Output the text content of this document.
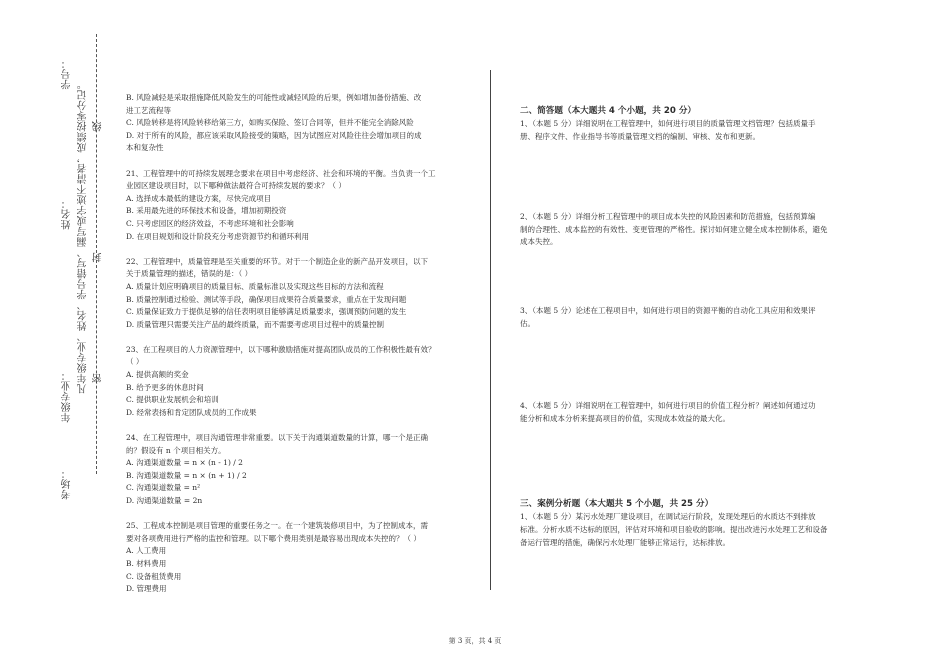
学号：
姓名：
年级专业：
考场：
凡年级专业、姓名、学号错写、漏写或字迹不清者，成绩按零分记。 线
封
密
B. 风险减轻是采取措施降低风险发生的可能性或减轻风险的后果，例如增加备份措施、改
进工艺流程等
C. 风险转移是将风险转移给第三方，如购买保险、签订合同等，但并不能完全消除风险
D. 对于所有的风险，都应该采取风险接受的策略，因为试图应对风险往往会增加项目的成
本和复杂性
21、工程管理中的可持续发展理念要求在项目中考虑经济、社会和环境的平衡。当负责一个工
业园区建设项目时，以下哪种做法最符合可持续发展的要求？（ ）
A. 选择成本最低的建设方案，尽快完成项目
B. 采用最先进的环保技术和设备，增加初期投资
C. 只考虑园区的经济效益，不考虑环境和社会影响
D. 在项目规划和设计阶段充分考虑资源节约和循环利用
22、工程管理中，质量管理是至关重要的环节。对于一个制造企业的新产品开发项目，以下
关于质量管理的描述，错误的是：（ ）
A. 质量计划应明确项目的质量目标、质量标准以及实现这些目标的方法和流程
B. 质量控制通过检验、测试等手段，确保项目成果符合质量要求，重点在于发现问题
C. 质量保证致力于提供足够的信任表明项目能够满足质量要求，强调预防问题的发生
D. 质量管理只需要关注产品的最终质量，而不需要考虑项目过程中的质量控制
23、在工程项目的人力资源管理中，以下哪种激励措施对提高团队成员的工作积极性最有效？
（ ）
A. 提供高额的奖金
B. 给予更多的休息时间
C. 提供职业发展机会和培训
D. 经常表扬和肯定团队成员的工作成果
24、在工程管理中，项目沟通管理非常重要。以下关于沟通渠道数量的计算，哪一个是正确
的？假设有 n 个项目相关方。
A. 沟通渠道数量 = n × (n - 1) / 2
B. 沟通渠道数量 = n × (n + 1) / 2
C. 沟通渠道数量 = n²
D. 沟通渠道数量 = 2n
25、工程成本控制是项目管理的重要任务之一。在一个建筑装修项目中，为了控制成本，需
要对各项费用进行严格的监控和管理。以下哪个费用类别是最容易出现成本失控的？（ ）
A. 人工费用
B. 材料费用
C. 设备租赁费用
D. 管理费用
二、简答题（本大题共 4 个小题，共 20 分）
1、（本题 5 分）详细说明在工程管理中，如何进行项目的质量管理文档管理？包括质量手
册、程序文件、作业指导书等质量管理文档的编制、审核、发布和更新。
2、（本题 5 分）详细分析工程管理中的项目成本失控的风险因素和防范措施，包括预算编
制的合理性、成本监控的有效性、变更管理的严格性。探讨如何建立健全成本控制体系，避免
成本失控。
3、（本题 5 分）论述在工程项目中，如何进行项目的资源平衡的自动化工具应用和效果评
估。
4、（本题 5 分）详细说明在工程管理中，如何进行项目的价值工程分析？阐述如何通过功
能分析和成本分析来提高项目的价值，实现成本效益的最大化。
三、案例分析题（本大题共 5 个小题，共 25 分）
1、（本题 5 分）某污水处理厂建设项目，在调试运行阶段，发现处理后的水质达不到排放
标准。分析水质不达标的原因，评估对环境和项目验收的影响。提出改进污水处理工艺和设备
备运行管理的措施，确保污水处理厂能够正常运行，达标排放。
第 3 页，共 4 页
